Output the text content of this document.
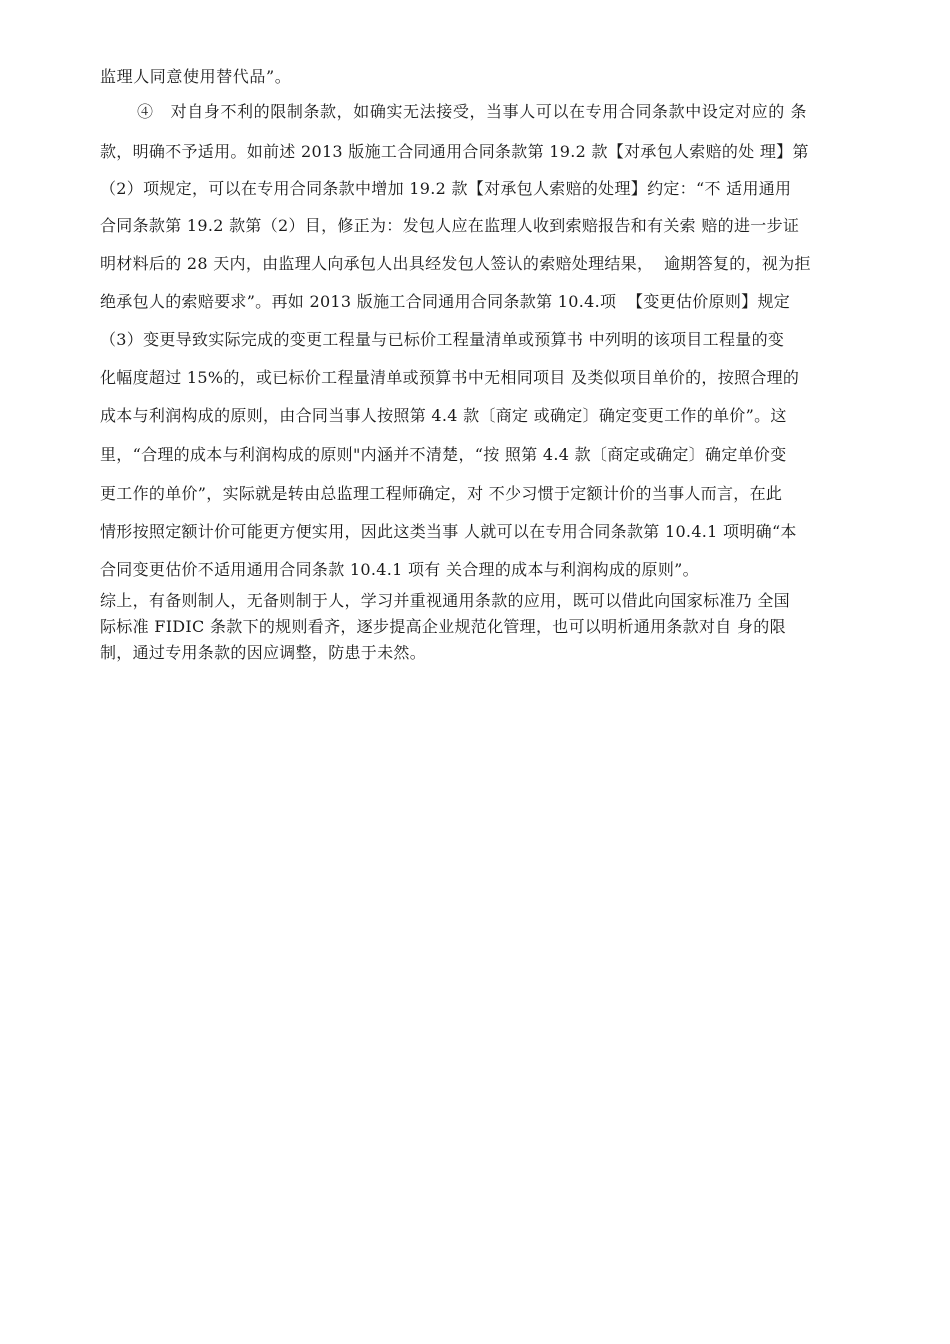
监理人同意使用替代品”。
④   对自身不利的限制条款，如确实无法接受，当事人可以在专用合同条款中设定对应的 条
款，明确不予适用。如前述 2013 版施工合同通用合同条款第 19.2 款【对承包人索赔的处 理】第
（2）项规定，可以在专用合同条款中增加 19.2 款【对承包人索赔的处理】约定：“不 适用通用
合同条款第 19.2 款第（2）目，修正为：发包人应在监理人收到索赔报告和有关索 赔的进一步证
明材料后的 28 天内，由监理人向承包人出具经发包人签认的索赔处理结果，  逾期答复的，视为拒
绝承包人的索赔要求”。再如 2013 版施工合同通用合同条款第 10.4.项  【变更估价原则】规定
（3）变更导致实际完成的变更工程量与已标价工程量清单或预算书 中列明的该项目工程量的变
化幅度超过 15%的，或已标价工程量清单或预算书中无相同项目 及类似项目单价的，按照合理的
成本与利润构成的原则，由合同当事人按照第 4.4 款〔商定 或确定〕确定变更工作的单价”。这
里，“合理的成本与利润构成的原则"内涵并不清楚，“按 照第 4.4 款〔商定或确定〕确定单价变
更工作的单价”，实际就是转由总监理工程师确定，对 不少习惯于定额计价的当事人而言，在此
情形按照定额计价可能更方便实用，因此这类当事 人就可以在专用合同条款第 10.4.1 项明确“本
合同变更估价不适用通用合同条款 10.4.1 项有 关合理的成本与利润构成的原则”。
综上，有备则制人，无备则制于人，学习并重视通用条款的应用，既可以借此向国家标准乃 全国
际标准 FIDIC 条款下的规则看齐，逐步提高企业规范化管理，也可以明析通用条款对自 身的限
制，通过专用条款的因应调整，防患于未然。
